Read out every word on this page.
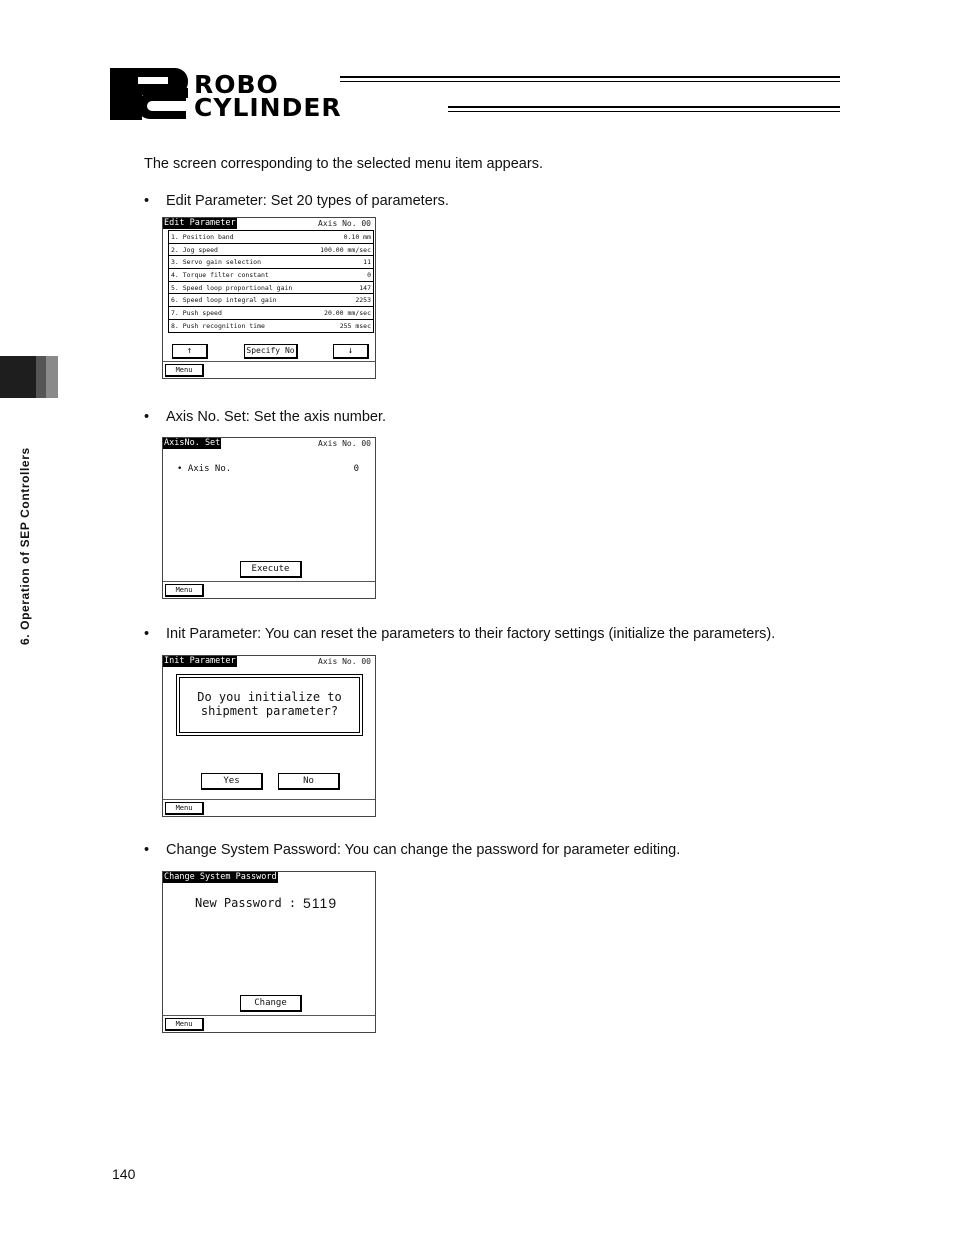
ROBO
CYLINDER
6. Operation of SEP Controllers
The screen corresponding to the selected menu item appears.
• Edit Parameter: Set 20 types of parameters.
Edit Parameter	Axis No. 00
1. Position band	0.10 mm
2. Jog speed	100.00 mm/sec
3. Servo gain selection	11
4. Torque filter constant	0
5. Speed loop proportional gain	147
6. Speed loop integral gain	2253
7. Push speed	20.00 mm/sec
8. Push recognition time	255 msec
↑	Specify No	↓
Menu
• Axis No. Set: Set the axis number.
AxisNo. Set	Axis No. 00
• Axis No.	0
Execute
Menu
• Init Parameter: You can reset the parameters to their factory settings (initialize the parameters).
Init Parameter	Axis No. 00
Do you initialize to
shipment parameter?
Yes	No
Menu
• Change System Password: You can change the password for parameter editing.
Change System Password
New Password : 5119
Change
Menu
140
